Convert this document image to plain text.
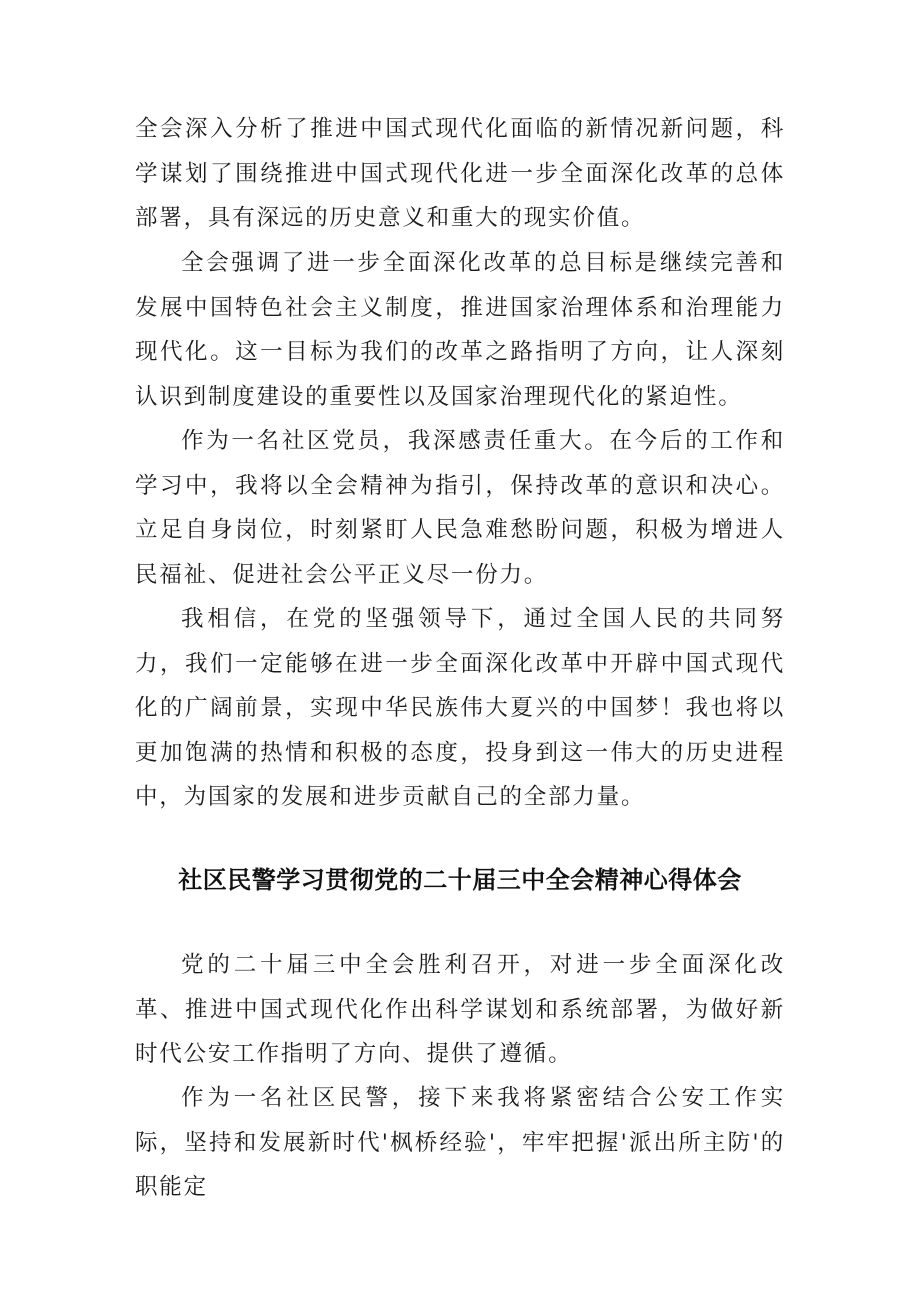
全会深入分析了推进中国式现代化面临的新情况新问题，科学谋划了围绕推进中国式现代化进一步全面深化改革的总体部署，具有深远的历史意义和重大的现实价值。

全会强调了进一步全面深化改革的总目标是继续完善和发展中国特色社会主义制度，推进国家治理体系和治理能力现代化。这一目标为我们的改革之路指明了方向，让人深刻认识到制度建设的重要性以及国家治理现代化的紧迫性。

作为一名社区党员，我深感责任重大。在今后的工作和学习中，我将以全会精神为指引，保持改革的意识和决心。立足自身岗位，时刻紧盯人民急难愁盼问题，积极为增进人民福祉、促进社会公平正义尽一份力。

我相信，在党的坚强领导下，通过全国人民的共同努力，我们一定能够在进一步全面深化改革中开辟中国式现代化的广阔前景，实现中华民族伟大夏兴的中国梦！我也将以更加饱满的热情和积极的态度，投身到这一伟大的历史进程中，为国家的发展和进步贡献自己的全部力量。

社区民警学习贯彻党的二十届三中全会精神心得体会

党的二十届三中全会胜利召开，对进一步全面深化改革、推进中国式现代化作出科学谋划和系统部署，为做好新时代公安工作指明了方向、提供了遵循。

作为一名社区民警，接下来我将紧密结合公安工作实际，坚持和发展新时代'枫桥经验'，牢牢把握'派出所主防'的职能定
